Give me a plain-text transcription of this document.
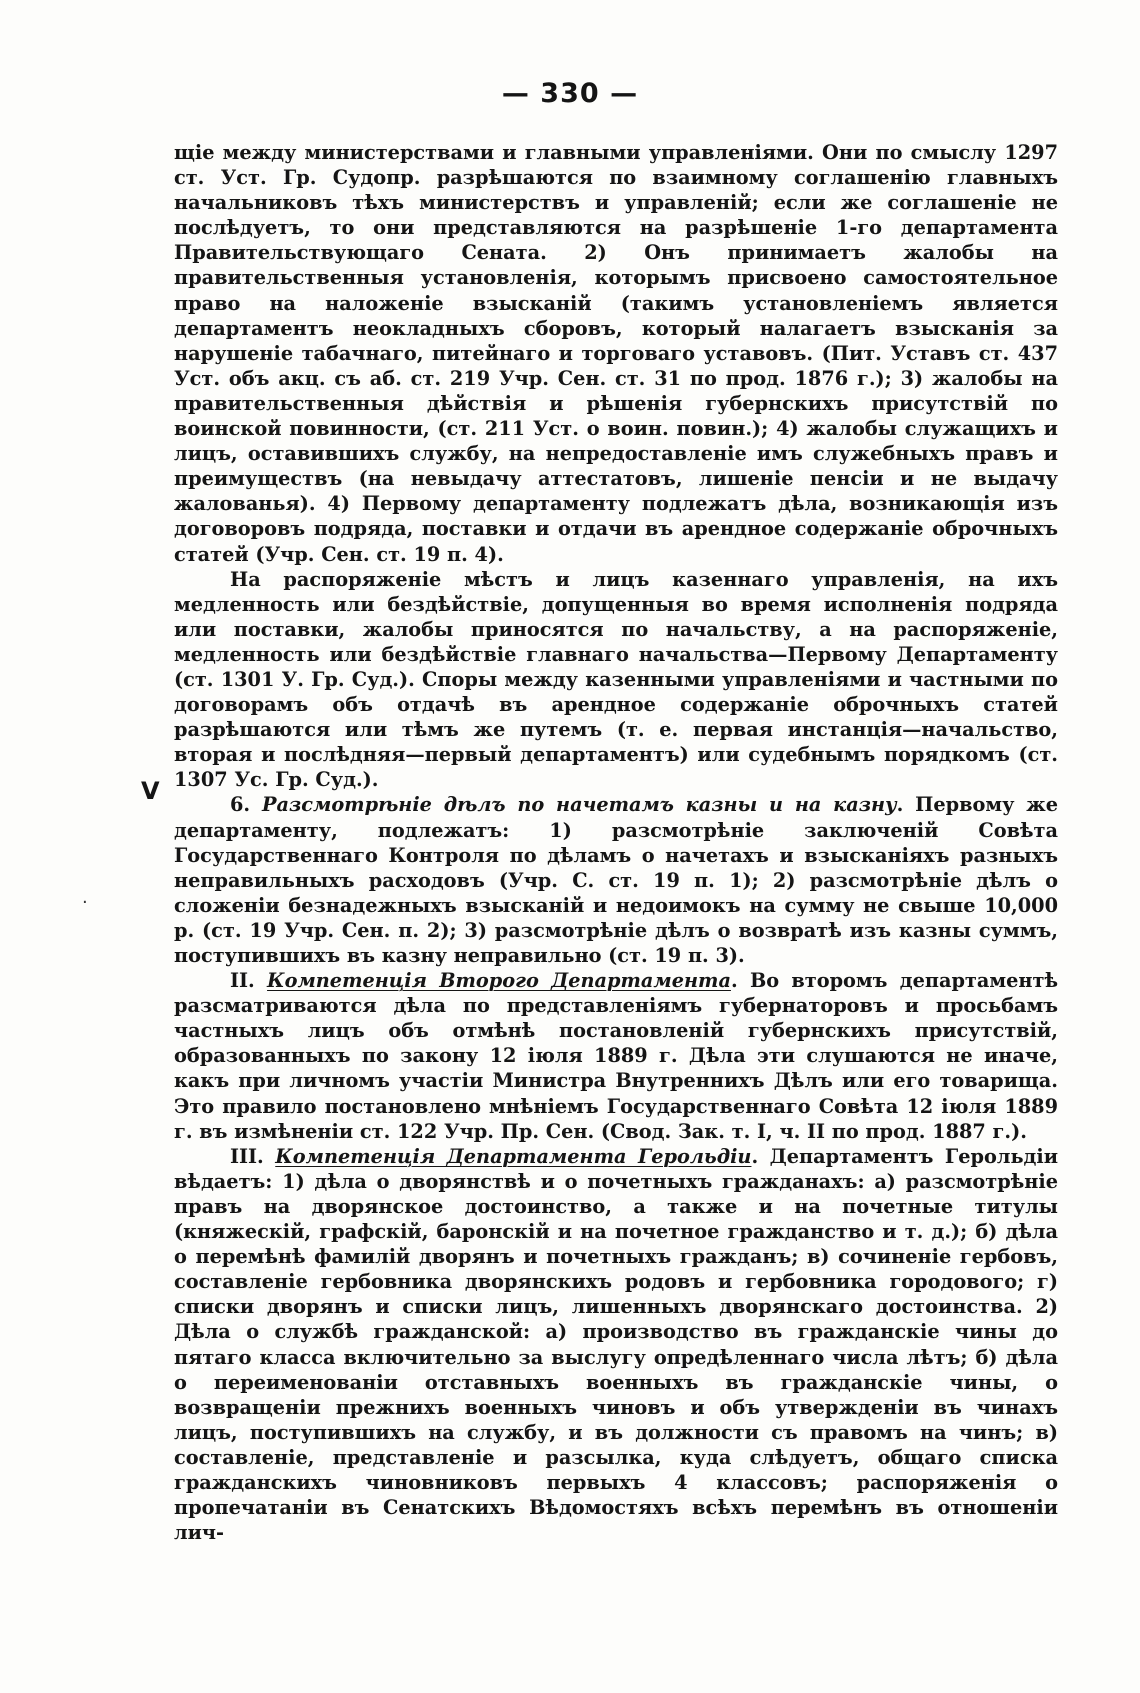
— 330 —
V
·

щіе между министерствами и главными управленіями. Они по смыслу 1297 ст. Уст. Гр. Судопр. разрѣшаются по взаимному соглашенію главныхъ начальниковъ тѣхъ министерствъ и управленій; если же соглашеніе не послѣдуетъ, то они представляются на разрѣшеніе 1-го департамента Правительствующаго Сената. 2) Онъ принимаетъ жалобы на правительственныя установленія, которымъ присвоено самостоятельное право на наложеніе взысканій (такимъ установленіемъ является департаментъ неокладныхъ сборовъ, который налагаетъ взысканія за нарушеніе табачнаго, питейнаго и торговаго уставовъ. (Пит. Уставъ ст. 437 Уст. объ акц. съ аб. ст. 219 Учр. Сен. ст. 31 по прод. 1876 г.); 3) жалобы на правительственныя дѣйствія и рѣшенія губернскихъ присутствій по воинской повинности, (ст. 211 Уст. о воин. повин.); 4) жалобы служащихъ и лицъ, оставившихъ службу, на непредоставленіе имъ служебныхъ правъ и преимуществъ (на невыдачу аттестатовъ, лишеніе пенсіи и не выдачу жалованья). 4) Первому департаменту подлежатъ дѣла, возникающія изъ договоровъ подряда, поставки и отдачи въ арендное содержаніе оброчныхъ статей (Учр. Сен. ст. 19 п. 4).

На распоряженіе мѣстъ и лицъ казеннаго управленія, на ихъ медленность или бездѣйствіе, допущенныя во время исполненія подряда или поставки, жалобы приносятся по начальству, а на распоряженіе, медленность или бездѣйствіе главнаго начальства—Первому Департаменту (ст. 1301 У. Гр. Суд.). Споры между казенными управленіями и частными по договорамъ объ отдачѣ въ арендное содержаніе оброчныхъ статей разрѣшаются или тѣмъ же путемъ (т. е. первая инстанція—начальство, вторая и послѣдняя—первый департаментъ) или судебнымъ порядкомъ (ст. 1307 Ус. Гр. Суд.).

6. Разсмотрѣніе дѣлъ по начетамъ казны и на казну. Первому же департаменту, подлежатъ: 1) разсмотрѣніе заключеній Совѣта Государственнаго Контроля по дѣламъ о начетахъ и взысканіяхъ разныхъ неправильныхъ расходовъ (Учр. С. ст. 19 п. 1); 2) разсмотрѣніе дѣлъ о сложеніи безнадежныхъ взысканій и недоимокъ на сумму не свыше 10,000 р. (ст. 19 Учр. Сен. п. 2); 3) разсмотрѣніе дѣлъ о возвратѣ изъ казны суммъ, поступившихъ въ казну неправильно (ст. 19 п. 3).

II. Компетенція Второго Департамента. Во второмъ департаментѣ разсматриваются дѣла по представленіямъ губернаторовъ и просьбамъ частныхъ лицъ объ отмѣнѣ постановленій губернскихъ присутствій, образованныхъ по закону 12 іюля 1889 г. Дѣла эти слушаются не иначе, какъ при личномъ участіи Министра Внутреннихъ Дѣлъ или его товарища. Это правило постановлено мнѣніемъ Государственнаго Совѣта 12 іюля 1889 г. въ измѣненіи ст. 122 Учр. Пр. Сен. (Свод. Зак. т. I, ч. II по прод. 1887 г.).

III. Компетенція Департамента Герольдіи. Департаментъ Герольдіи вѣдаетъ: 1) дѣла о дворянствѣ и о почетныхъ гражданахъ: а) разсмотрѣніе правъ на дворянское достоинство, а также и на почетные титулы (княжескій, графскій, баронскій и на почетное гражданство и т. д.); б) дѣла о перемѣнѣ фамилій дворянъ и почетныхъ гражданъ; в) сочиненіе гербовъ, составленіе гербовника дворянскихъ родовъ и гербовника городового; г) списки дворянъ и списки лицъ, лишенныхъ дворянскаго достоинства. 2) Дѣла о службѣ гражданской: а) производство въ гражданскіе чины до пятаго класса включительно за выслугу опредѣленнаго числа лѣтъ; б) дѣла о переименованіи отставныхъ военныхъ въ гражданскіе чины, о возвращеніи прежнихъ военныхъ чиновъ и объ утвержденіи въ чинахъ лицъ, поступившихъ на службу, и въ должности съ правомъ на чинъ; в) составленіе, представленіе и разсылка, куда слѣдуетъ, общаго списка гражданскихъ чиновниковъ первыхъ 4 классовъ; распоряженія о пропечатаніи въ Сенатскихъ Вѣдомостяхъ всѣхъ перемѣнъ въ отношеніи лич-
